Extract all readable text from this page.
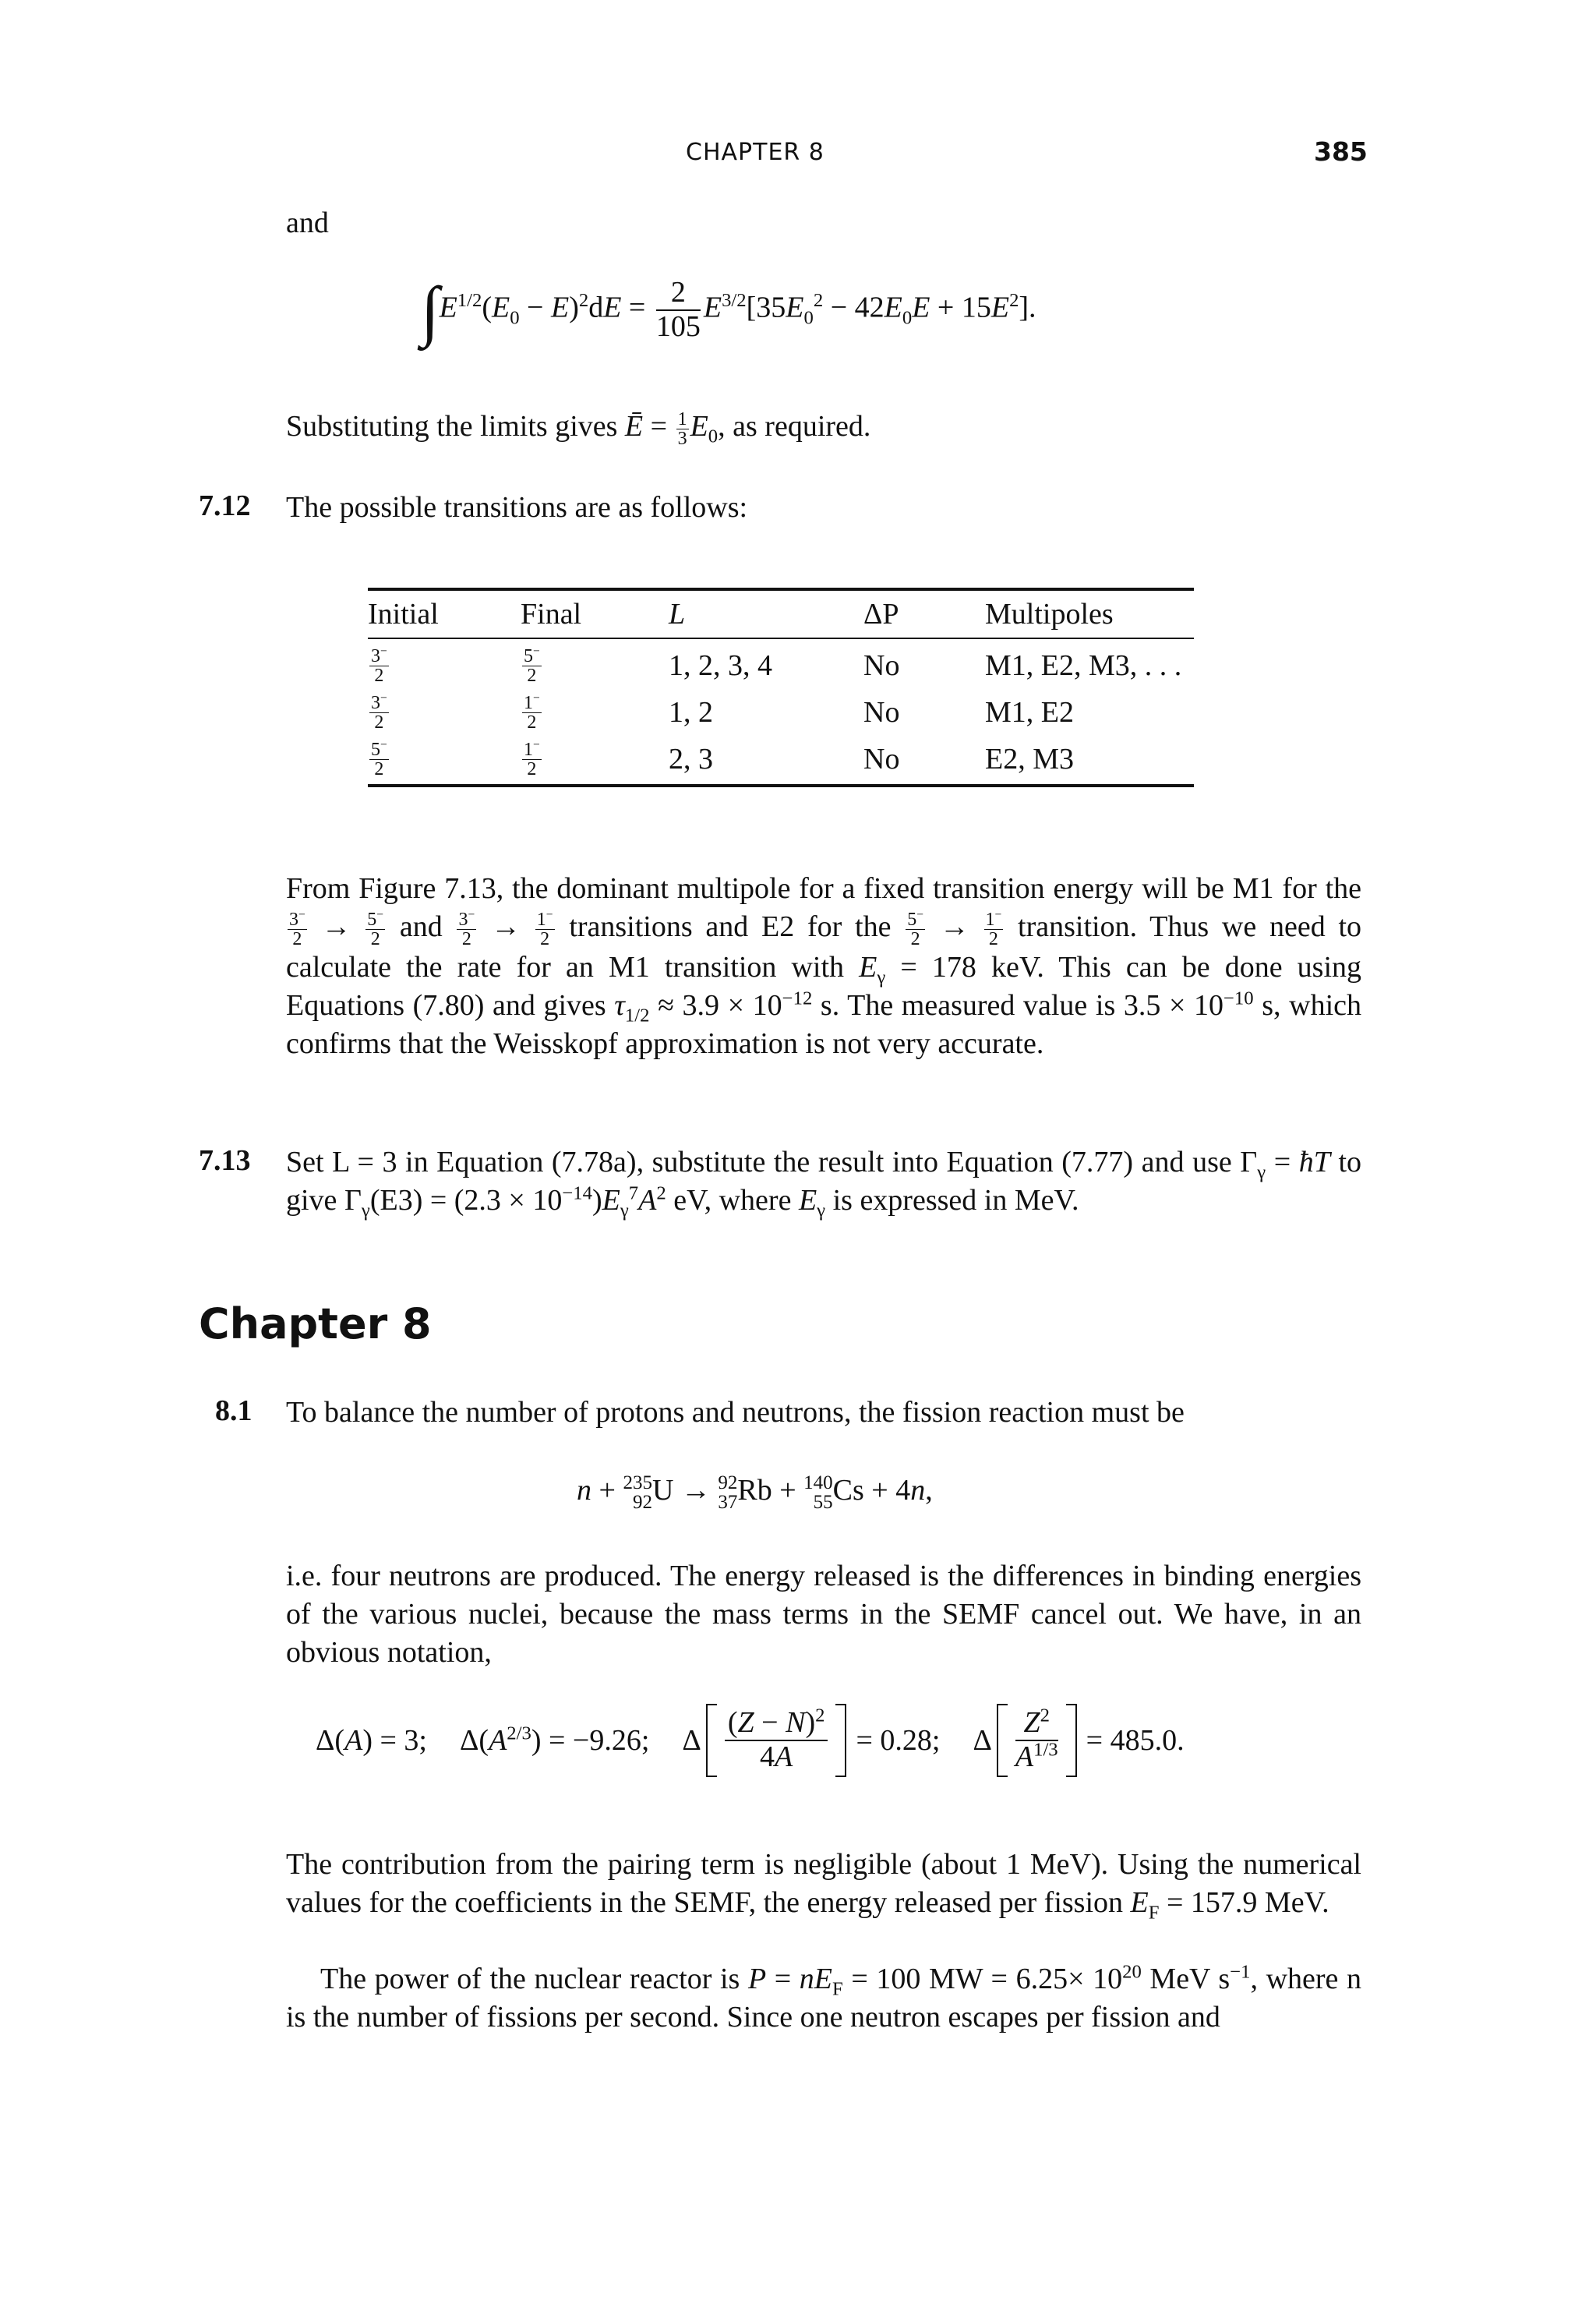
CHAPTER 8	385
and
$\int E^{1/2}(E_0 - E)^2dE = \frac{2}{105} E^{3/2}[35E_0^2 - 42E_0E + 15E^2]$.
Substituting the limits gives Ē = $\frac{1}{3} E_0$, as required.
7.12 The possible transitions are as follows:
Initial	Final	L	ΔP	Multipoles
$\frac{3^-}{2}$	$\frac{5^-}{2}$	1, 2, 3, 4	No	M1, E2, M3, . . .

$\frac{3^-}{2}$	$\frac{1^-}{2}$	1, 2	No	M1, E2

$\frac{5^-}{2}$	$\frac{1^-}{2}$	2, 3	No	E2, M3
From Figure 7.13, the dominant multipole for a fixed transition energy will be M1 for the
$\frac{3^-}{2} \to \frac{5^-}{2}$ and $\frac{3^-}{2} \to \frac{1^-}{2}$ transitions and E2 for the $\frac{5^-}{2} \to \frac{1^-}{2}$ transition. Thus we need to calculate the rate for an M1 transition with $E_\gamma = 178$ keV. This can be done using Equations (7.80) and gives $\tau_{1/2} \approx 3.9 \times 10^{-12}$ s. The measured value is $3.5 \times 10^{-10}$ s, which confirms that the Weisskopf approximation is not very accurate.
7.13 Set L = 3 in Equation (7.78a), substitute the result into Equation (7.77) and use $\Gamma_\gamma$ = ħT to give $\Gamma_\gamma(E3) = (2.3 \times 10^{-14})E_\gamma^7A^2$ eV, where $E_\gamma$ is expressed in MeV.
Chapter 8
8.1 To balance the number of protons and neutrons, the fission reaction must be
n + 235
92 U → 92
37 Rb + 140
55 Cs + 4n,
i.e. four neutrons are produced. The energy released is the differences in binding energies of the various nuclei, because the mass terms in the SEMF cancel out. We have, in an obvious notation,
Δ(A) = 3; $\Delta(A^{2/3}) = -9.26$; Δ $\frac{(Z - N)^2}{4A} = 0.28$; Δ $\frac{Z^2}{A^{1/3}} = 485.0$.
The contribution from the pairing term is negligible (about 1 MeV). Using the numerical values for the coefficients in the SEMF, the energy released per fission $E_F = 157.9$ MeV.
The power of the nuclear reactor is $P = nE_F = 100$ MW = $6.25\times 10^{20}$ MeV $s^{-1}$, where n is the number of fissions per second. Since one neutron escapes per fission and
